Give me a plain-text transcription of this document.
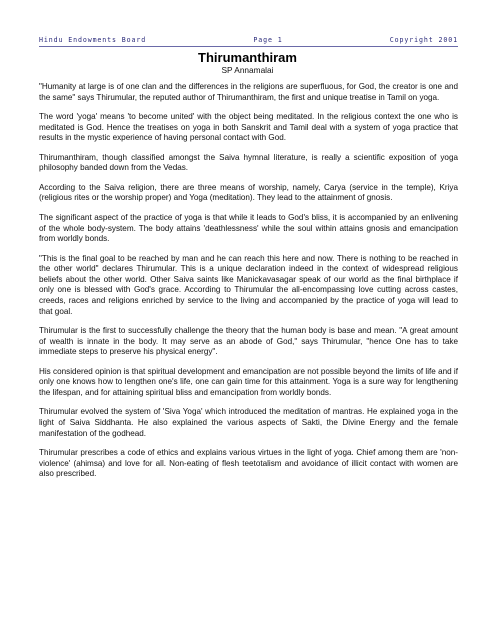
Hindu Endowments Board	Page 1	Copyright 2001
Thirumanthiram
SP Annamalai

"Humanity at large is of one clan and the differences in the religions are superfluous, for God, the creator is one and the same" says Thirumular, the reputed author of Thirumanthiram, the first and unique treatise in Tamil on yoga.

The word 'yoga' means 'to become united' with the object being meditated. In the religious context the one who is meditated is God. Hence the treatises on yoga in both Sanskrit and Tamil deal with a system of yoga practice that results in the mystic experience of having personal contact with God.

Thirumanthiram, though classified amongst the Saiva hymnal literature, is really a scientific exposition of yoga philosophy banded down from the Vedas.

According to the Saiva religion, there are three means of worship, namely, Carya (service in the temple), Kriya (religious rites or the worship proper) and Yoga (meditation). They lead to the attainment of gnosis.

The significant aspect of the practice of yoga is that while it leads to God's bliss, it is accompanied by an enlivening of the whole body-system. The body attains 'deathlessness' while the soul within attains gnosis and emancipation from worldly bonds.

"This is the final goal to be reached by man and he can reach this here and now. There is nothing to be reached in the other world" declares Thirumular. This is a unique declaration indeed in the context of widespread religious beliefs about the other world. Other Saiva saints like Manickavasagar speak of our world as the final birthplace if only one is blessed with God's grace. According to Thirumular the all-encompassing love cutting across castes, creeds, races and religions enriched by service to the living and accompanied by the practice of yoga will lead to that goal.

Thirumular is the first to successfully challenge the theory that the human body is base and mean. "A great amount of wealth is innate in the body. It may serve as an abode of God," says Thirumular, "hence One has to take immediate steps to preserve his physical energy".

His considered opinion is that spiritual development and emancipation are not possible beyond the limits of life and if only one knows how to lengthen one's life, one can gain time for this attainment. Yoga is a sure way for lengthening the lifespan, and for attaining spiritual bliss and emancipation from worldly bonds.

Thirumular evolved the system of 'Siva Yoga' which introduced the meditation of mantras. He explained yoga in the light of Saiva Siddhanta. He also explained the various aspects of Sakti, the Divine Energy and the female manifestation of the godhead.

Thirumular prescribes a code of ethics and explains various virtues in the light of yoga. Chief among them are 'non-violence' (ahimsa) and love for all. Non-eating of flesh teetotalism and avoidance of illicit contact with women are also prescribed.
